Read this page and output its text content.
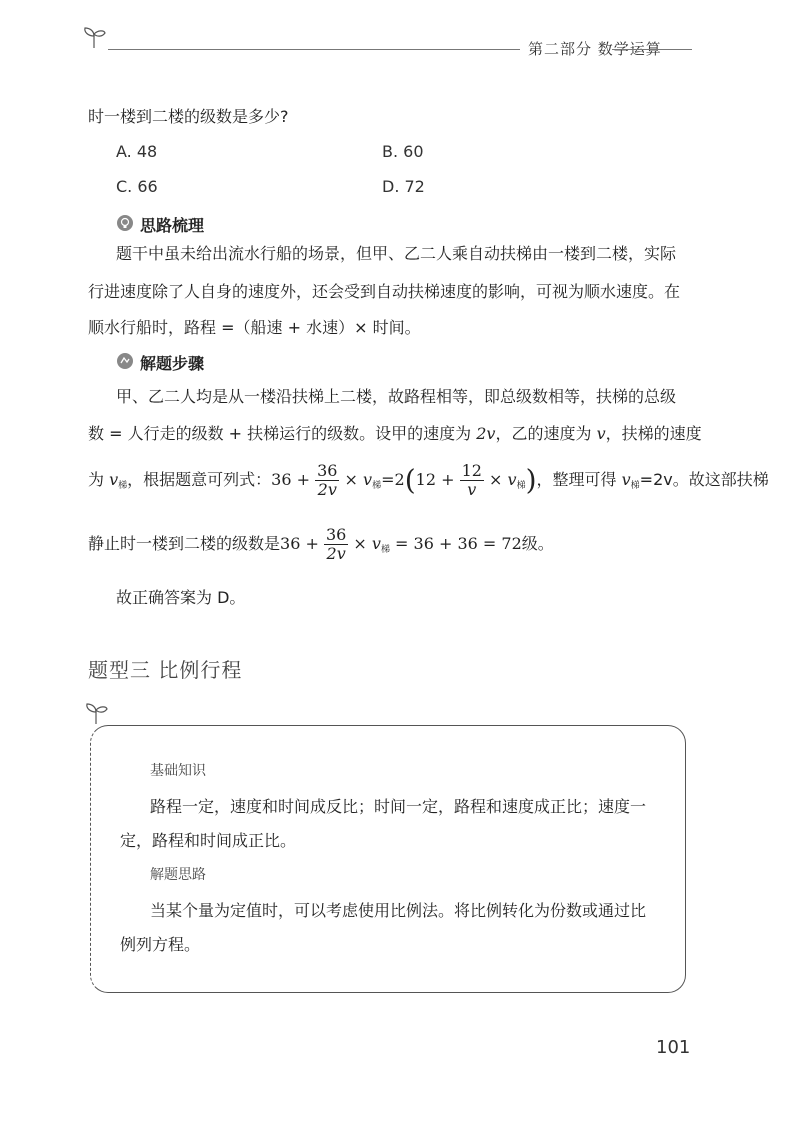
第二部分 数学运算
时一楼到二楼的级数是多少?
A. 48	B. 60
C. 66	D. 72
思路梳理
题干中虽未给出流水行船的场景，但甲、乙二人乘自动扶梯由一楼到二楼，实际
行进速度除了人自身的速度外，还会受到自动扶梯速度的影响，可视为顺水速度。在
顺水行船时，路程 =（船速 + 水速）× 时间。
解题步骤
甲、乙二人均是从一楼沿扶梯上二楼，故路程相等，即总级数相等，扶梯的总级
数 = 人行走的级数 + 扶梯运行的级数。设甲的速度为 2v，乙的速度为 v，扶梯的速度
为 $v_梯$，根据题意可列式：$36 + \frac{36}{2v} \times v_梯=2(12 + \frac{12}{v} \times v_梯)$，整理可得 $v_梯=2v$。故这部扶梯
静止时一楼到二楼的级数是$36 + \frac{36}{2v} \times v_梯 = 36 + 36 = 72$级。
故正确答案为 D。
题型三 比例行程
基础知识
路程一定，速度和时间成反比；时间一定，路程和速度成正比；速度一
定，路程和时间成正比。
解题思路
当某个量为定值时，可以考虑使用比例法。将比例转化为份数或通过比
例列方程。
101
